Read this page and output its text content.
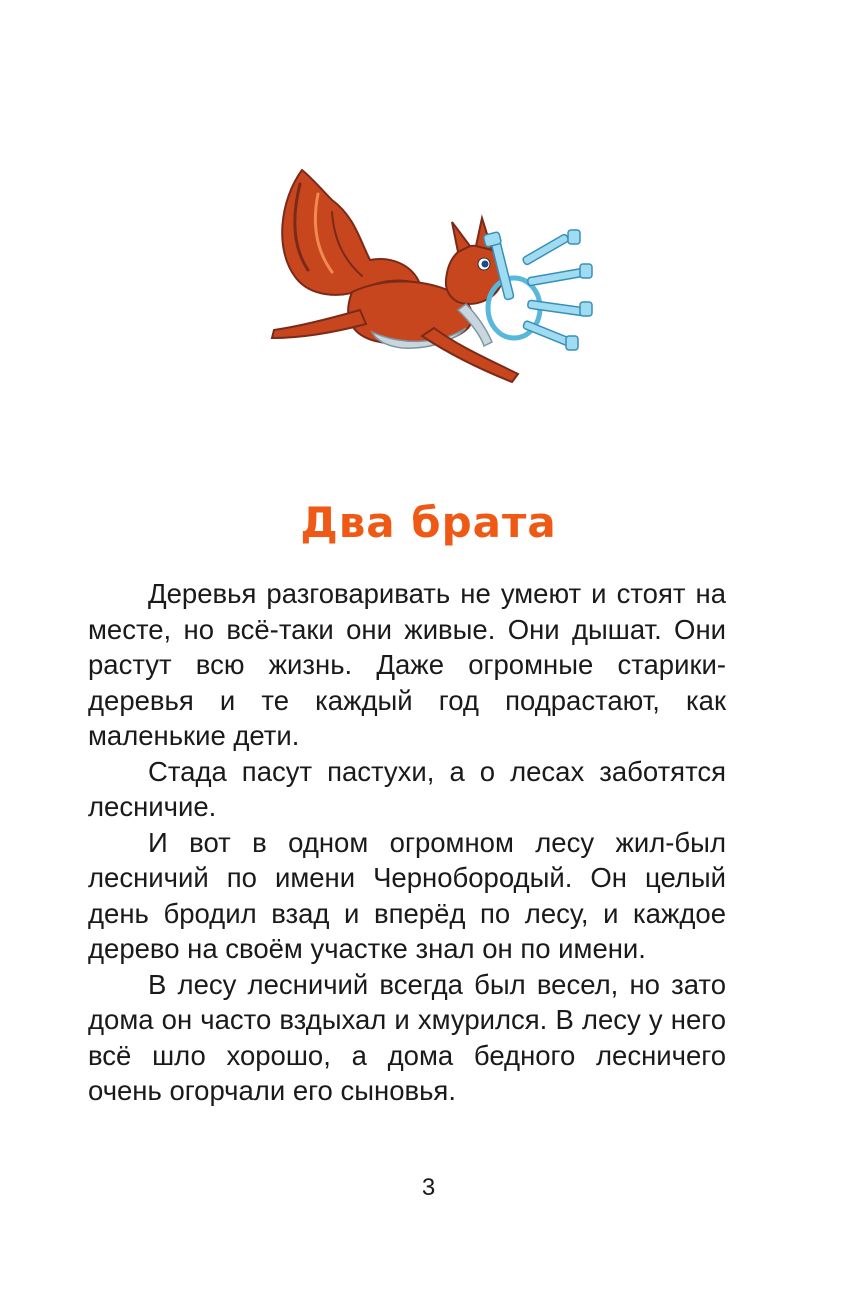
Два брата

Деревья разговаривать не умеют и стоят на месте, но всё-таки они живые. Они дышат. Они растут всю жизнь. Даже огромные старики-деревья и те каждый год подрастают, как маленькие дети.

Стада пасут пастухи, а о лесах заботятся лесничие.

И вот в одном огромном лесу жил-был лесничий по имени Чернобородый. Он целый день бродил взад и вперёд по лесу, и каждое дерево на своём участке знал он по имени.

В лесу лесничий всегда был весел, но зато дома он часто вздыхал и хмурился. В лесу у него всё шло хорошо, а дома бедного лесничего очень огорчали его сыновья.

3
